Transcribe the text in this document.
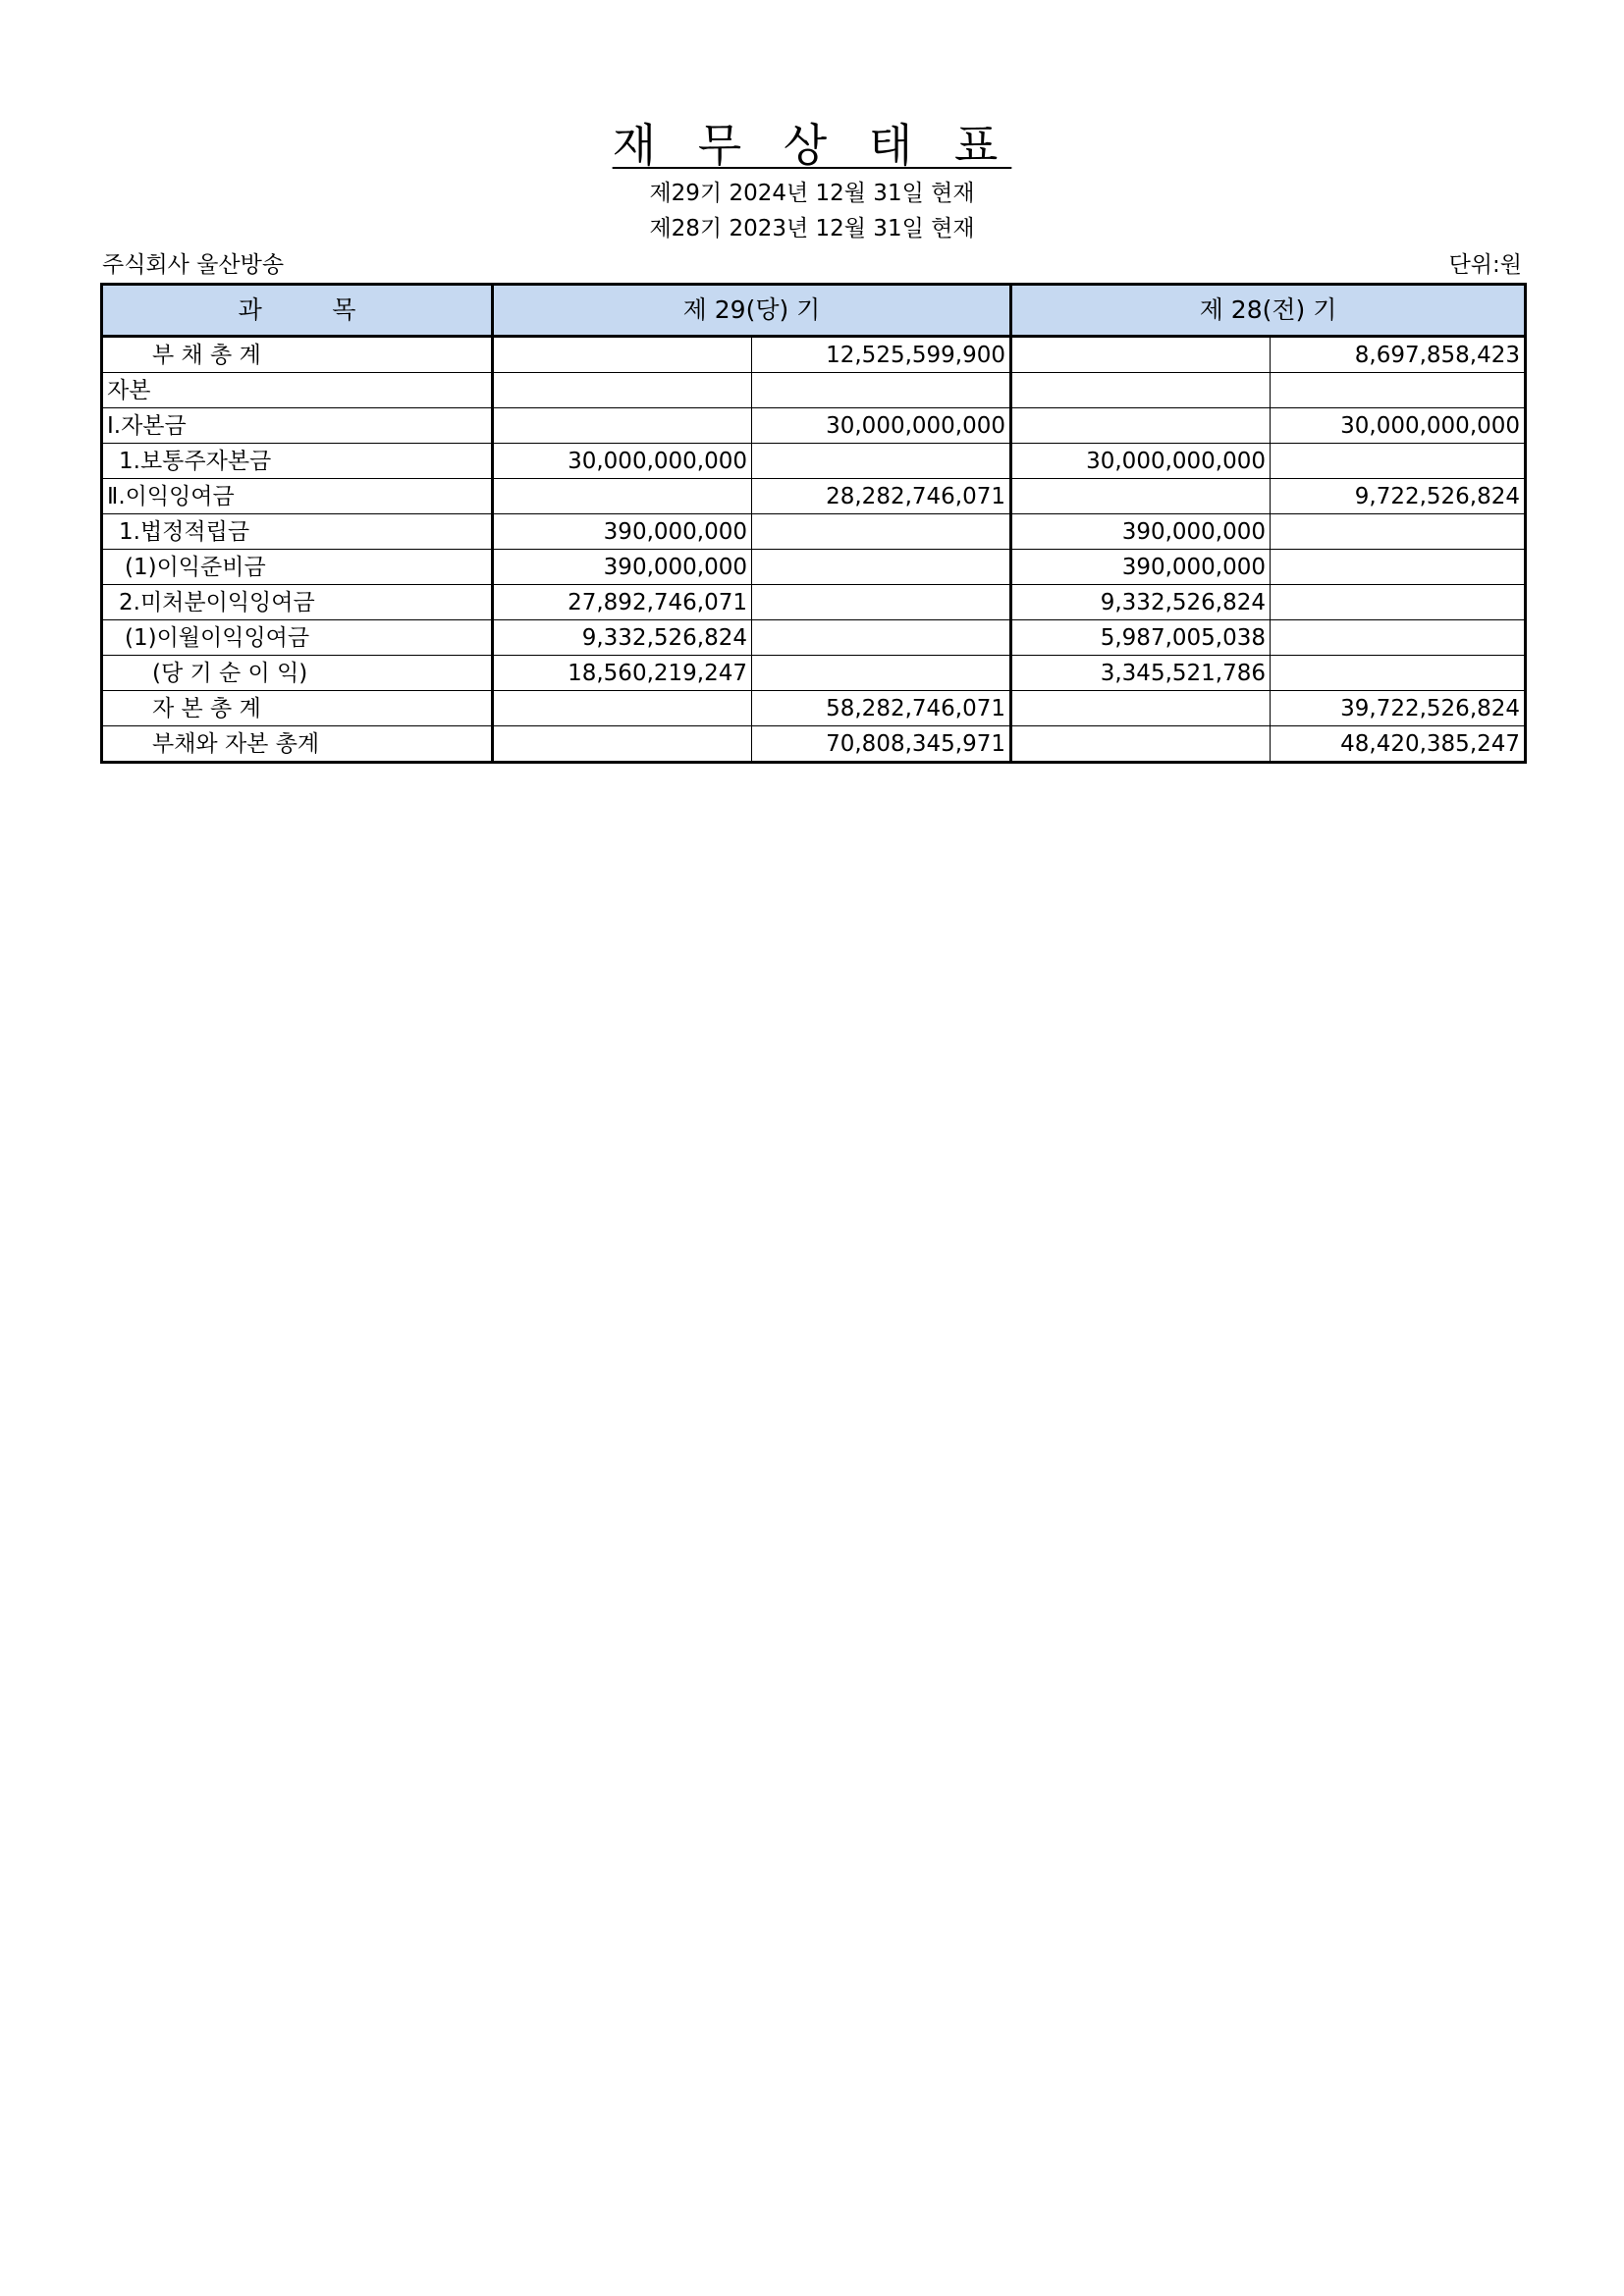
재 무 상 태 표
제29기 2024년 12월 31일 현재
제28기 2023년 12월 31일 현재
주식회사 울산방송	단위:원
과         목	제 29(당) 기		제 28(전) 기	
부 채 총 계		12,525,599,900		8,697,858,423
자본				
Ⅰ.자본금		30,000,000,000		30,000,000,000
1.보통주자본금	30,000,000,000		30,000,000,000	
Ⅱ.이익잉여금		28,282,746,071		9,722,526,824
1.법정적립금	390,000,000		390,000,000	
(1)이익준비금	390,000,000		390,000,000	
2.미처분이익잉여금	27,892,746,071		9,332,526,824	
(1)이월이익잉여금	9,332,526,824		5,987,005,038	
(당 기 순 이 익)	18,560,219,247		3,345,521,786	
자 본 총 계		58,282,746,071		39,722,526,824
부채와 자본 총계		70,808,345,971		48,420,385,247
